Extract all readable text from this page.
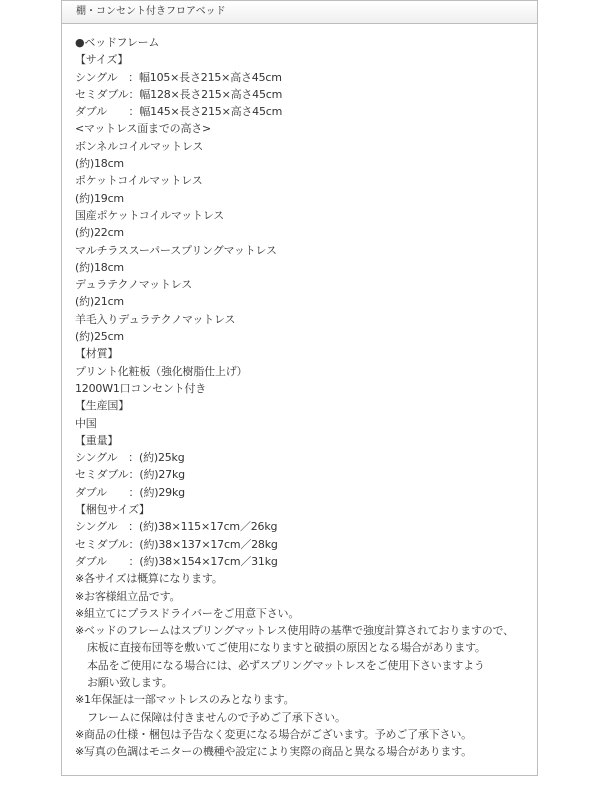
棚・コンセント付きフロアベッド
●ベッドフレーム
【サイズ】
シングル　：幅105×長さ215×高さ45cm
セミダブル：幅128×長さ215×高さ45cm
ダブル　　：幅145×長さ215×高さ45cm
<マットレス面までの高さ>
ボンネルコイルマットレス
(約)18cm
ポケットコイルマットレス
(約)19cm
国産ポケットコイルマットレス
(約)22cm
マルチラススーパースプリングマットレス
(約)18cm
デュラテクノマットレス
(約)21cm
羊毛入りデュラテクノマットレス
(約)25cm
【材質】
プリント化粧板（強化樹脂仕上げ）
1200W1口コンセント付き
【生産国】
中国
【重量】
シングル　：(約)25kg
セミダブル：(約)27kg
ダブル　　：(約)29kg
【梱包サイズ】
シングル　：(約)38×115×17cm／26kg
セミダブル：(約)38×137×17cm／28kg
ダブル　　：(約)38×154×17cm／31kg
※各サイズは概算になります。
※お客様組立品です。
※組立てにプラスドライバーをご用意下さい。
※ベッドのフレームはスプリングマットレス使用時の基準で強度計算されておりますので、
床板に直接布団等を敷いてご使用になりますと破損の原因となる場合があります。
本品をご使用になる場合には、必ずスプリングマットレスをご使用下さいますよう
お願い致します。
※1年保証は一部マットレスのみとなります。
フレームに保障は付きませんので予めご了承下さい。
※商品の仕様・梱包は予告なく変更になる場合がございます。予めご了承下さい。
※写真の色調はモニターの機種や設定により実際の商品と異なる場合があります。
